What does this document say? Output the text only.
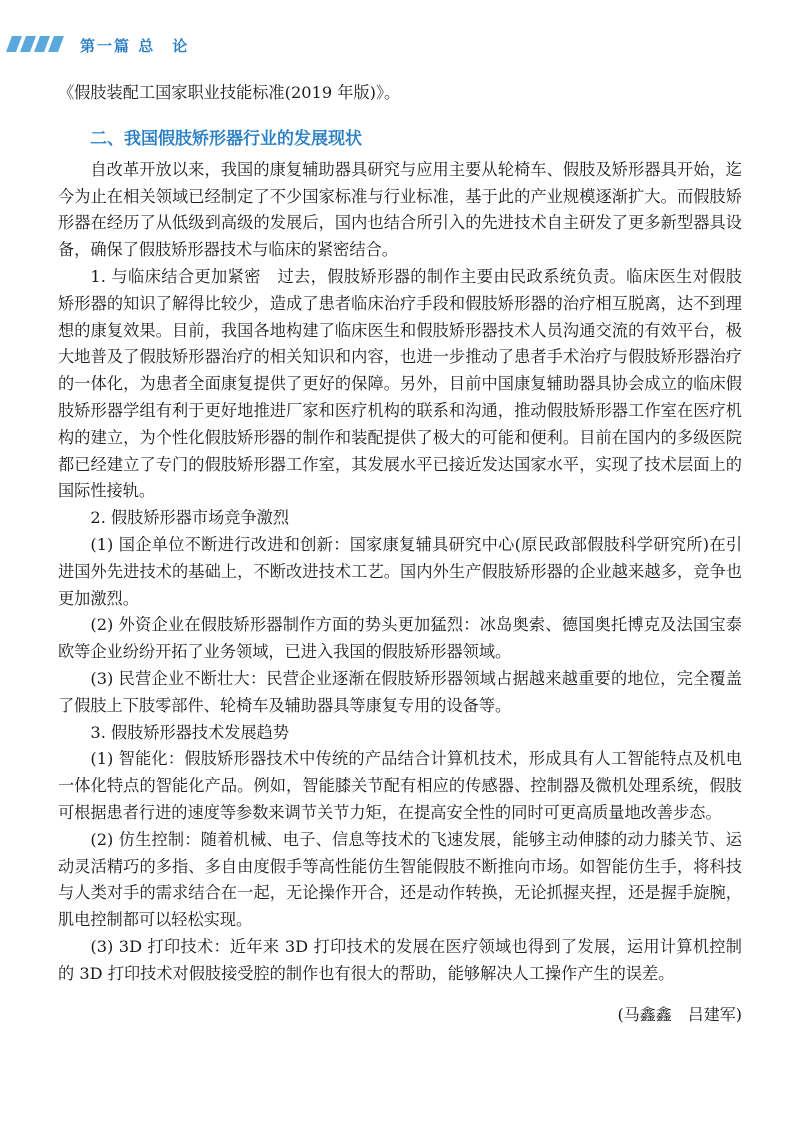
第一篇 总　论

《假肢装配工国家职业技能标准(2019 年版)》。

二、我国假肢矫形器行业的发展现状

自改革开放以来，我国的康复辅助器具研究与应用主要从轮椅车、假肢及矫形器具开始，迄今为止在相关领域已经制定了不少国家标准与行业标准，基于此的产业规模逐渐扩大。而假肢矫形器在经历了从低级到高级的发展后，国内也结合所引入的先进技术自主研发了更多新型器具设备，确保了假肢矫形器技术与临床的紧密结合。

1. 与临床结合更加紧密　过去，假肢矫形器的制作主要由民政系统负责。临床医生对假肢矫形器的知识了解得比较少，造成了患者临床治疗手段和假肢矫形器的治疗相互脱离，达不到理想的康复效果。目前，我国各地构建了临床医生和假肢矫形器技术人员沟通交流的有效平台，极大地普及了假肢矫形器治疗的相关知识和内容，也进一步推动了患者手术治疗与假肢矫形器治疗的一体化，为患者全面康复提供了更好的保障。另外，目前中国康复辅助器具协会成立的临床假肢矫形器学组有利于更好地推进厂家和医疗机构的联系和沟通，推动假肢矫形器工作室在医疗机构的建立，为个性化假肢矫形器的制作和装配提供了极大的可能和便利。目前在国内的多级医院都已经建立了专门的假肢矫形器工作室，其发展水平已接近发达国家水平，实现了技术层面上的国际性接轨。

2. 假肢矫形器市场竞争激烈

(1) 国企单位不断进行改进和创新：国家康复辅具研究中心(原民政部假肢科学研究所)在引进国外先进技术的基础上，不断改进技术工艺。国内外生产假肢矫形器的企业越来越多，竞争也更加激烈。

(2) 外资企业在假肢矫形器制作方面的势头更加猛烈：冰岛奥索、德国奥托博克及法国宝泰欧等企业纷纷开拓了业务领域，已进入我国的假肢矫形器领域。

(3) 民营企业不断壮大：民营企业逐渐在假肢矫形器领域占据越来越重要的地位，完全覆盖了假肢上下肢零部件、轮椅车及辅助器具等康复专用的设备等。

3. 假肢矫形器技术发展趋势

(1) 智能化：假肢矫形器技术中传统的产品结合计算机技术，形成具有人工智能特点及机电一体化特点的智能化产品。例如，智能膝关节配有相应的传感器、控制器及微机处理系统，假肢可根据患者行进的速度等参数来调节关节力矩，在提高安全性的同时可更高质量地改善步态。

(2) 仿生控制：随着机械、电子、信息等技术的飞速发展，能够主动伸膝的动力膝关节、运动灵活精巧的多指、多自由度假手等高性能仿生智能假肢不断推向市场。如智能仿生手，将科技与人类对手的需求结合在一起，无论操作开合，还是动作转换，无论抓握夹捏，还是握手旋腕，肌电控制都可以轻松实现。

(3) 3D 打印技术：近年来 3D 打印技术的发展在医疗领域也得到了发展，运用计算机控制的 3D 打印技术对假肢接受腔的制作也有很大的帮助，能够解决人工操作产生的误差。

(马鑫鑫　吕建军)
